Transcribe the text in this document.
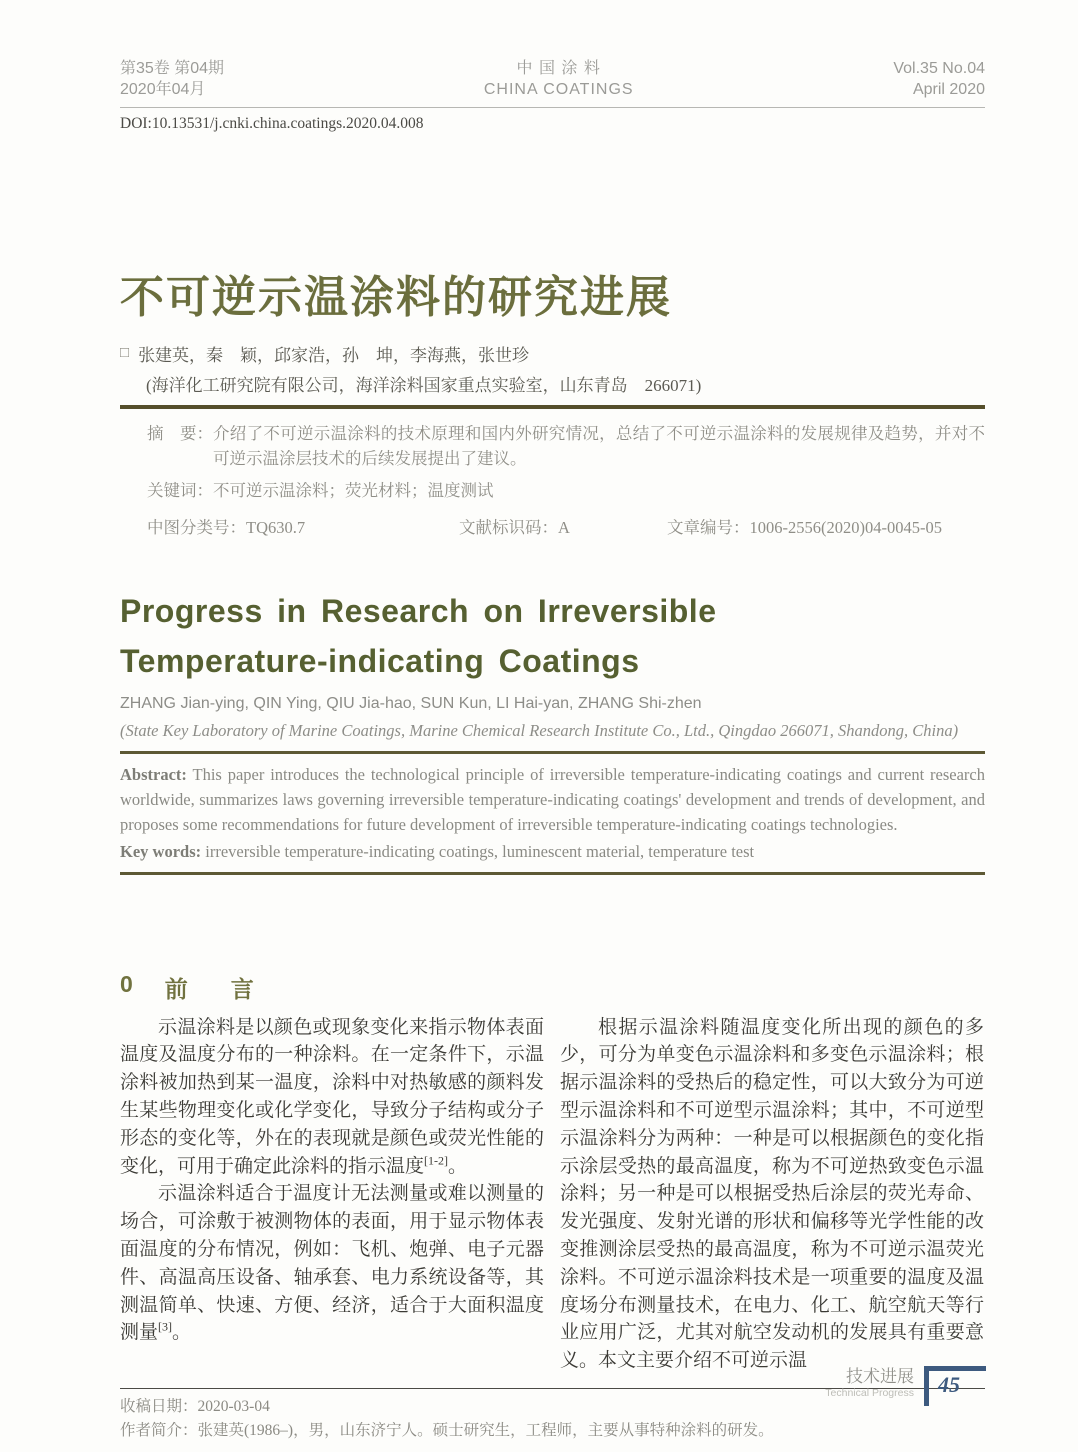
第35卷 第04期
2020年04月
中 国 涂 料
CHINA COATINGS
Vol.35 No.04
April 2020
DOI:10.13531/j.cnki.china.coatings.2020.04.008
不可逆示温涂料的研究进展
□ 张建英，秦　颖，邱家浩，孙　坤，李海燕，张世珍
(海洋化工研究院有限公司，海洋涂料国家重点实验室，山东青岛　266071)
摘　要： 介绍了不可逆示温涂料的技术原理和国内外研究情况，总结了不可逆示温涂料的发展规律及趋势，并对不可逆示温涂层技术的后续发展提出了建议。
关键词：不可逆示温涂料；荧光材料；温度测试
中图分类号：TQ630.7	文献标识码：A	文章编号：1006-2556(2020)04-0045-05
Progress in Research on Irreversible
Temperature-indicating Coatings
ZHANG Jian-ying, QIN Ying, QIU Jia-hao, SUN Kun, LI Hai-yan, ZHANG Shi-zhen
(State Key Laboratory of Marine Coatings, Marine Chemical Research Institute Co., Ltd., Qingdao 266071, Shandong, China)
Abstract: This paper introduces the technological principle of irreversible temperature-indicating coatings and current research worldwide, summarizes laws governing irreversible temperature-indicating coatings' development and trends of development, and proposes some recommendations for future development of irreversible temperature-indicating coatings technologies.
Key words: irreversible temperature-indicating coatings, luminescent material, temperature test
0 前　言

示温涂料是以颜色或现象变化来指示物体表面温度及温度分布的一种涂料。在一定条件下，示温涂料被加热到某一温度，涂料中对热敏感的颜料发生某些物理变化或化学变化，导致分子结构或分子形态的变化等，外在的表现就是颜色或荧光性能的变化，可用于确定此涂料的指示温度[1-2]。

示温涂料适合于温度计无法测量或难以测量的场合，可涂敷于被测物体的表面，用于显示物体表面温度的分布情况，例如：飞机、炮弹、电子元器件、高温高压设备、轴承套、电力系统设备等，其测温简单、快速、方便、经济，适合于大面积温度测量[3]。

根据示温涂料随温度变化所出现的颜色的多少，可分为单变色示温涂料和多变色示温涂料；根据示温涂料的受热后的稳定性，可以大致分为可逆型示温涂料和不可逆型示温涂料；其中，不可逆型示温涂料分为两种：一种是可以根据颜色的变化指示涂层受热的最高温度，称为不可逆热致变色示温涂料；另一种是可以根据受热后涂层的荧光寿命、发光强度、发射光谱的形状和偏移等光学性能的改变推测涂层受热的最高温度，称为不可逆示温荧光涂料。不可逆示温涂料技术是一项重要的温度及温度场分布测量技术，在电力、化工、航空航天等行业应用广泛，尤其对航空发动机的发展具有重要意义。本文主要介绍不可逆示温

收稿日期：2020-03-04
作者简介：张建英(1986–)，男，山东济宁人。硕士研究生，工程师，主要从事特种涂料的研发。
技术进展
Technical Progress	45
